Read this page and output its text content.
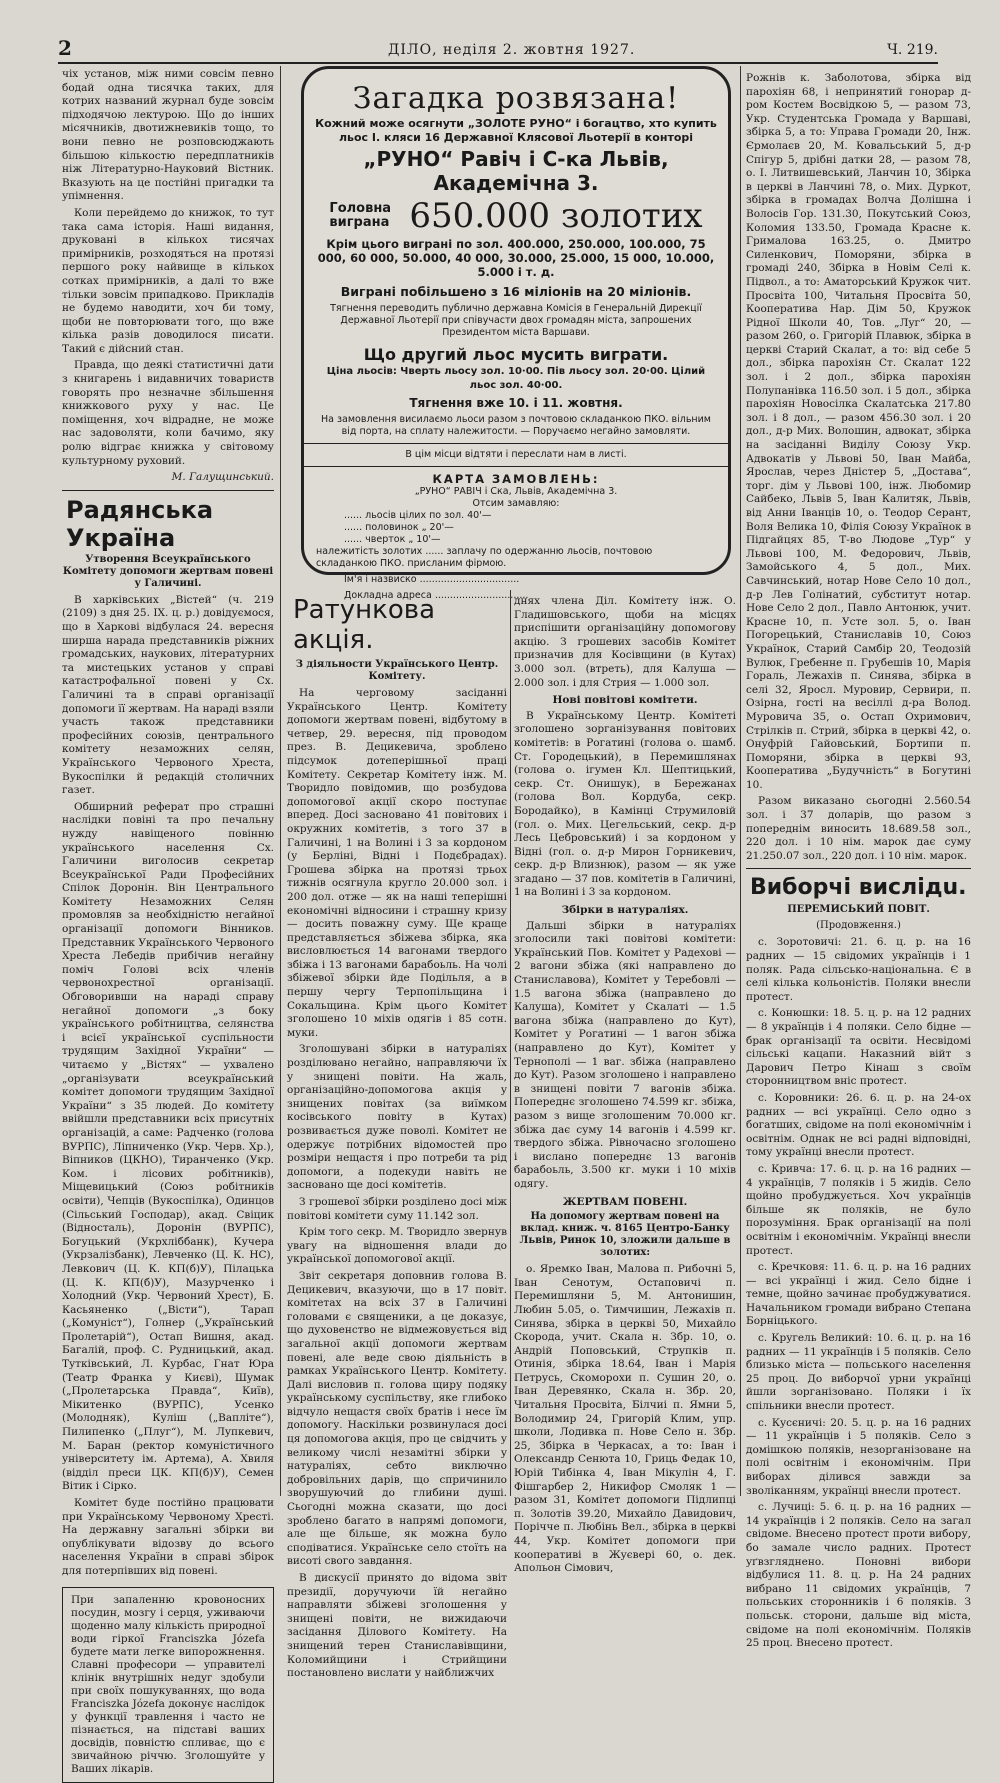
2	ДІЛО, неділя 2. жовтня 1927.	Ч. 219.

чіх установ, між ними совсім певно бодай одна тисячка таких, для котрих названий журнал буде зовсім підходячою лектурою. Що до інших місячників, двотижневиків тощо, то вони певно не розповсюджають більшою кількостю передплатників ніж Літературно-Науковий Вістник. Вказують на це постійні пригадки та упімнення.

Коли перейдемо до книжок, то тут така сама історія. Наші видання, друковані в кількох тисячах примірників, розходяться на протязі першого року найвище в кількох сотках примірників, а далі то вже тільки зовсім припадково. Прикладів не будемо наводити, хоч би тому, щоби не повторювати того, що вже кілька разів доводилося писати. Такий є дійсний стан.

Правда, що деякі статистичні дати з книгарень і видавничих товариств говорять про незначне збільшення книжкового руху у нас. Це поміщення, хоч відрадне, не може нас задоволяти, коли бачимо, яку ролю відграє книжка у світовому культурному руховий.

М. Галущинський.

Радянська Україна
Утворення Всеукраїнського Комітету допомоги жертвам повені у Галичині.

В харківських „Вістей“ (ч. 219 (2109) з дня 25. IX. ц. р.) довідуємося, що в Харкові відбулася 24. вересня ширша нарада представників ріжних громадських, наукових, літературних та мистецьких установ у справі катастрофальної повені у Сх. Галичині та в справі організації допомоги її жертвам. На нараді взяли участь також представники професійних союзів, центрального комітету незаможних селян, Українського Червоного Хреста, Вукоспілки й редакцій столичних газет.

Обширний реферат про страшні наслідки повіні та про печальну нужду навіщеного повінню українського населення Сх. Галичини виголосив секретар Всеукраїнської Ради Професійних Спілок Доронін. Він Центрального Комітету Незаможних Селян промовляв за необхідністю негайної організації допомоги Вінников. Представник Українського Червоного Хреста Лебедів прибічив негайну поміч Голові всіх членів червонохрестної організації. Обговоривши на нараді справу негайної допомоги „з боку українського робітництва, селянства і всієї української суспільности трудящим Західної України“ — читаємо у „Вістях“ — ухвалено „організувати всеукраїнський комітет допомоги трудящим Західної України“ з 35 людей. До комітету ввійшли представники всіх присутніх організацій, а саме: Радченко (голова ВУРПС), Ліпниченко (Укр. Черв. Хр.), Віпников (ЦКНО), Тиранченко (Укр. Ком. і лісових робітників), Міщевицький (Союз робітників освіти), Чепців (Вукоспілка), Одинцов (Сільський Господар), акад. Свіцик (Відносталь), Доронін (ВУРПС), Богуцький (Укрхліббанк), Кучера (Укрзалізбанк), Левченко (Ц. К. НС), Левкович (Ц. К. КП(б)У), Пілацька (Ц. К. КП(б)У), Мазурченко і Холодний (Укр. Червоний Хрест), Б. Касьяненко („Вісти“), Тарап („Комуніст“), Голнер („Український Пролетарій“), Остап Вишня, акад. Багалій, проф. С. Рудницький, акад. Тутківський, Л. Курбас, Гнат Юра (Театр Франка у Києві), Шумак („Пролетарська Правда“, Київ), Мікитенко (ВУРПС), Усенко (Молодняк), Кулiш („Вапліте“), Пилипенко („Плуг“), М. Лупкевич, М. Баран (ректор комуністичного університету ім. Артема), А. Хвиля (відділ преси ЦК. КП(б)У), Семен Вітик і Сірко.

Комітет буде постійно працювати при Українському Червоному Хресті. На державну загальні збірки ви опублікувати відозву до всього населення України в справі збірок для потерпівших від повені.

При запаленню кровоносних посудин, мозгу і серця, уживаючи щоденно малу кількість природної води гіркої Franciszka Józefa будете мати легке випорожнення. Славні професори — управителі клінік внутрішніх недуг здобули при своїх пошукуваннях, що вода Franciszka Józefa доконує наслідок у функції травлення і часто не пізнається, на підставі ваших досвідів, повністю спливає, що є звичайною річчю. Зголошуйте у Ваших лікарів.
Загадка розвязана!
Кожний може осягнути „ЗОЛОТЕ РУНО“ і богацтво, хто купить льос І. кляси 16 Державної Клясової Льотерії в конторі
„РУНО“ Равіч і С-ка Львів, Академічна 3.
Головна виграна 650.000 золотих
Крім цього виграні по зол. 400.000, 250.000, 100.000, 75 000, 60 000, 50.000, 40 000, 30.000, 25.000, 15 000, 10.000, 5.000 і т. д.
Виграні побільшено з 16 міліонів на 20 міліонів.
Тягнення переводить публично державна Комісія в Генеральній Дирекції Державної Льотерії при співучасти двох громадян міста, запрошених Президентом міста Варшави.
Що другий льос мусить виграти.
Ціна льосів: Чверть льосу зол. 10·00. Пів льосу зол. 20·00. Цілий льос зол. 40·00.
Тягнення вже 10. і 11. жовтня.
На замовлення висилаємо льоси разом з почтовою складанкою ПКО. вільним від порта, на сплату належитости. — Поручаємо негайно замовляти.
В цім місци відтяти і переслати нам в листі.
КАРТА ЗАМОВЛЕНЬ:
„РУНО“ РАВІЧ і Ска, Львів, Академічна 3.
Отсим замавляю:
...... льосів цілих по зол. 40'—
...... половинок „ 20'—
...... чверток „ 10'—
належитість золотих ...... заплачу по одержанню льосів, почтовою складанкою ПКО. присланим фірмою.
Ім'я і назвиско .................................
Докладна адреса ...............................
Ратункова акція.
З діяльности Українського Центр. Комітету.

На черговому засіданні Українського Центр. Комітету допомоги жертвам повені, відбутому в четвер, 29. вересня, під проводом през. В. Децикевича, зроблено підсумок дотеперішньої праці Комітету. Секретар Комітету інж. М. Творидло повідомив, що розбудова допомогової акції скоро поступає вперед. Досі засновано 41 повітових і окружних комітетів, з того 37 в Галичині, 1 на Волині і 3 за кордоном (у Берліні, Відні і Подєбрадах). Грошева збірка на протязі трьох тижнів осягнула кругло 20.000 зол. і 200 дол. отже — як на наші теперішні економічні відносини і страшну кризу — досить поважну суму. Ще краще представляється збіжева збірка, яка висловлюється 14 вагонами твердого збіжа і 13 вагонами барабоьль. На чолі збіжевої збірки йде Подільля, а в першу чергу Терпопільщина і Сокальщина. Крім цього Комітет зголошено 10 міхів одягів і 85 сотн. муки.

Зголошувані збірки в натураліях розділювано негайно, направляючи їх у знищені повіти. На жаль, організаційно-допомогова акція у знищених повітах (за виїмком косівського повіту в Кутах) розвивається дуже поволі. Комітет не одержує потрібних відомостей про розміри нещастя і про потреби та рід допомоги, а подекуди навіть не засновано ще досі комітетів.

З грошевої збірки розділено досі між повітові комітети суму 11.142 зол.

Крім того секр. М. Творидло звернув увагу на відношення влади до української допомогової акції.

Звіт секретаря доповнив голова В. Децикевич, вказуючи, що в 17 повіт. комітетах на всіх 37 в Галичині головами є священики, а це доказує, що духовенство не відмежовується від загальної акції допомоги жертвам повені, але веде свою діяльність в рамках Українського Центр. Комітету. Далі висловив п. голова щиру подяку українському суспільству, яке глибоко відчуло нещастя своїх братів і несе їм допомогу. Наскільки розвинулася досі ця допомогова акція, про це свідчить у великому числі незамітні збірки у натураліях, себто виключно добровільних дарів, що спричинило зворушуючий до глибини душі. Сьогодні можна сказати, що досі зроблено багато в напрямі допомоги, але ще більше, як можна було сподіватися. Українське село стоїть на висоті свого завдання.

В дискусії принято до відома звіт президії, доручуючи їй негайно направляти збіжеві зголошення у знищені повіти, не вижидаючи засідання Ділового Комітету. На знищений терен Станиславівщини, Коломийщини і Стрийщини постановлено вислати у найближчих

днях члена Діл. Комітету інж. О. Гладишовського, щоби на місцях приспішити організаційну допомогову акцію. З грошевих засобів Комітет призначив для Косівщини (в Кутах) 3.000 зол. (втреть), для Калуша — 2.000 зол. і для Стрия — 1.000 зол.

Нові повітові комітети.

В Українському Центр. Комітеті зголошено зорганізування повітових комітетів: в Рогатині (голова о. шамб. Ст. Городецький), в Перемишлянах (голова о. ігумен Кл. Шептицький, секр. Ст. Онишук), в Бережанах (голова Вол. Кордуба, секр. Бородайко), в Камінці Струмиловій (гол. о. Мих. Цегельський, секр. д-р Лесь Цебровський) і за кордоном у Відні (гол. о. д-р Мирон Горникевич, секр. д-р Влизнюк), разом — як уже згадано — 37 пов. комітетів в Галичині, 1 на Волині і 3 за кордоном.

Збірки в натураліях.

Дальші збірки в натураліях зголосили такі повітові комітети: Український Пов. Комітет у Радехові — 2 вагони збіжа (які направлено до Станиславова), Комітет у Теребовлі — 1.5 вагона збіжа (направлено до Калуша), Комітет у Скалаті — 1.5 вагона збіжа (направлено до Кут), Комітет у Рогатині — 1 вагон збіжа (направлено до Кут), Комітет у Тернополі — 1 ваг. збіжа (направлено до Кут). Разом зголошено і направлено в знищені повіти 7 вагонів збіжа. Попереднє зголошено 74.599 кг. збіжа, разом з вище зголошеним 70.000 кг. збіжа дає суму 14 вагонів і 4.599 кг. твердого збіжа. Рівночасно зголошено і вислано попереднє 13 вагонів барабоьль, 3.500 кг. муки і 10 міхів одягу.

ЖЕРТВАМ ПОВЕНІ.
На допомогу жертвам повені на вклад. книж. ч. 8165 Центро-Банку Львів, Ринок 10, зложили дальше в золотих:

о. Яремко Іван, Малова п. Рибочні 5, Іван Сенотум, Остаповичі п. Перемишляни 5, М. Антонишин, Любин 5.05, о. Тимчишин, Лежахів п. Синява, збірка в церкві 50, Михайло Скорода, учит. Скала н. Збр. 10, о. Андрій Поповський, Струпків п. Отинія, збірка 18.64, Іван і Марія Петрусь, Скоморохи п. Сушин 20, о. Іван Деревянко, Скала н. Збр. 20, Читальня Просвіта, Білчиі п. Ямни 5, Володимир 24, Григорій Клим, упр. школи, Лодивка п. Нове Село н. Збр. 25, Збірка в Черкасах, а то: Іван і Олександр Сенюта 10, Гриць Федак 10, Юрій Тибінка 4, Іван Мікулін 4, Г. Фішгарбер 2, Никифор Смоляк 1 — разом 31, Комітет допомоги Підлипці п. Золотів 39.20, Михайло Давидович, Порічче п. Любінь Вел., збірка в церкві 44, Укр. Комітет допомоги при кооперативі в Жуєвері 60, о. дек. Апольон Сімович,

Рожнів к. Заболотова, збірка від парохіян 68, і непринятий гонорар д-ром Костем Восвідкою 5, — разом 73, Укр. Студентська Громада у Варшаві, збірка 5, а то: Управа Громади 20, Інж. Єрмолаєв 20, М. Ковальський 5, д-р Спігур 5, дрібні датки 28, — разом 78, о. І. Литвишевський, Ланчин 10, Збірка в церкві в Ланчині 78, о. Мих. Дуркот, збірка в громадах Волча Долішна і Волосів Гор. 131.30, Покутський Союз, Коломия 133.50, Громада Красне к. Грималова 163.25, о. Дмитро Силенкович, Поморяни, збірка в громаді 240, Збірка в Новім Селі к. Підвол., а то: Аматорський Кружок чит. Просвіта 100, Читальня Просвіта 50, Кооператива Нар. Дім 50, Кружок Рідної Школи 40, Тов. „Луг“ 20, — разом 260, о. Григорій Плавюк, збірка в церкві Старий Скалат, а то: від себе 5 дол., збірка парохіян Ст. Скалат 122 зол. і 2 дол., збірка парохіян Полупанівка 116.50 зол. і 5 дол., збірка парохіян Новосілка Скалатська 217.80 зол. і 8 дол., — разом 456.30 зол. і 20 дол., д-р Мих. Волошин, адвокат, збірка на засіданні Виділу Союзу Укр. Адвокатів у Львові 50, Іван Майба, Ярослав, через Дністер 5, „Достава“, торг. дім у Львові 100, інж. Любомир Сайбеко, Львів 5, Іван Калитяк, Львів, від Анни Іванців 10, о. Теодор Серант, Воля Велика 10, Філія Союзу Українок в Підгайцях 85, Т-во Людове „Тур“ у Львові 100, М. Федорович, Львів, Замойського 4, 5 дол., Мих. Савчинський, нотар Нове Село 10 дол., д-р Лев Голінатий, субститут нотар. Нове Село 2 дол., Павло Антонюк, учит. Красне 10, п. Усте зол. 5, о. Іван Погорецький, Станиславів 10, Союз Українок, Старий Самбір 20, Теодозій Вулюк, Гребенне п. Грубешів 10, Марія Гораль, Лежахів п. Синява, збірка в селі 32, Яросл. Муровир, Сервири, п. Озірна, гості на весіллі д-ра Волод. Муровича 35, о. Остап Охримович, Стрілків п. Стрий, збірка в церкві 42, о. Онуфрій Гайовський, Бортипи п. Поморяни, збірка в церкві 93, Кооператива „Будучність“ в Богутині 10.

Разом виказано сьогодні 2.560.54 зол. і 37 доларів, що разом з попереднім виносить 18.689.58 зол., 220 дол. і 10 нім. марок дає суму 21.250.07 зол., 220 дол. і 10 нім. марок.

Виборчі вислідu.
ПЕРЕМИСЬКИЙ ПОВІТ.
(Продовження.)

с. Зоротовичі: 21. 6. ц. р. на 16 радних — 15 свідомих українців і 1 поляк. Рада сільсько-національна. Є в селі кілька кольоністів. Поляки внесли протест.

с. Конюшки: 18. 5. ц. р. на 12 радних — 8 українців і 4 поляки. Село бідне — брак організації та освіти. Несвідомі сільські кацапи. Наказний війт з Дарович Петро Кінаш з своїм сторонництвом вніс протест.

с. Коровники: 26. 6. ц. р. на 24-ох радних — всі українці. Село одно з богатших, свідоме на полі економічнім і освітнім. Однак не всі радні відповідні, тому українці внесли протест.

с. Кривча: 17. 6. ц. р. на 16 радних — 4 українців, 7 поляків і 5 жидів. Село щойно пробуджується. Хоч українців більше як поляків, не було порозуміння. Брак організації на полі освітнім і економічнім. Українці внесли протест.

с. Кречковя: 11. 6. ц. р. на 16 радних — всі українці і жид. Село бідне і темне, щойно зачинає пробуджуватися. Начальником громади вибрано Степана Борніцького.

с. Кругель Великий: 10. 6. ц. р. на 16 радних — 11 українців і 5 поляків. Село близько міста — польського населення 25 проц. До виборчої урни українці йшли зорганізовано. Поляки і їх спільники внесли протест.

с. Кусєничі: 20. 5. ц. р. на 16 радних — 11 українців і 5 поляків. Село з домішкою поляків, незорганізоване на полі освітнім і економічнім. При виборах ділився завжди за зволіканням, українці внесли протест.

с. Лучиці: 5. 6. ц. р. на 16 радних — 14 українців і 2 поляків. Село на загал свідоме. Внесено протест проти вибору, бо замале число радних. Протест уґвзгляднено. Поновні вибори відбулися 11. 8. ц. р. На 24 радних вибрано 11 свідомих українців, 7 польських сторонників і 6 поляків. З польськ. сторони, дальше від міста, свідоме на полі економічнім. Поляків 25 проц. Внесено протест.
